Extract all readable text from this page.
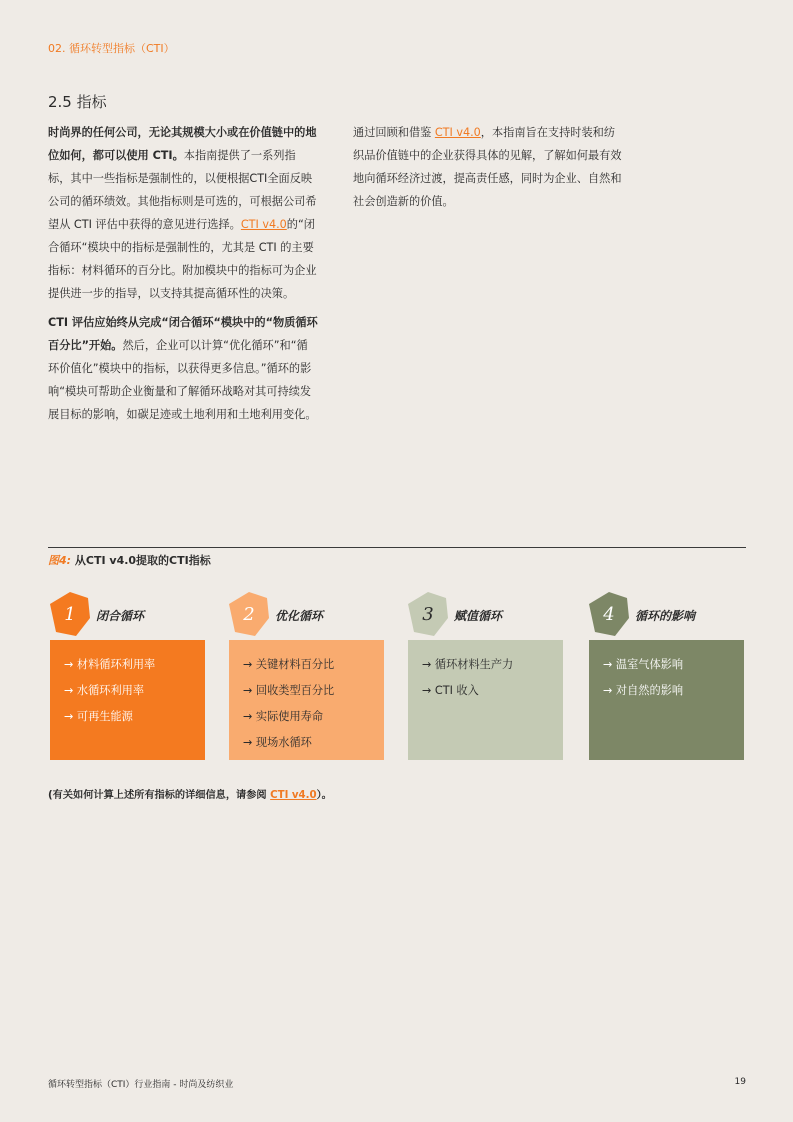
02. 循环转型指标（CTI）
2.5 指标

时尚界的任何公司，无论其规模大小或在价值链中的地位如何，都可以使用 CTI。本指南提供了一系列指标，其中一些指标是强制性的，以便根据CTI全面反映公司的循环绩效。其他指标则是可选的，可根据公司希望从 CTI 评估中获得的意见进行选择。CTI v4.0的“闭合循环“模块中的指标是强制性的，尤其是 CTI 的主要指标：材料循环的百分比。附加模块中的指标可为企业提供进一步的指导，以支持其提高循环性的决策。

CTI 评估应始终从完成“闭合循环“模块中的“物质循环百分比”开始。然后，企业可以计算“优化循环”和“循环价值化”模块中的指标，以获得更多信息。”循环的影响“模块可帮助企业衡量和了解循环战略对其可持续发展目标的影响，如碳足迹或土地利用和土地利用变化。

通过回顾和借鉴 CTI v4.0，本指南旨在支持时装和纺织品价值链中的企业获得具体的见解，了解如何最有效地向循环经济过渡，提高责任感，同时为企业、自然和社会创造新的价值。

图4: 从CTI v4.0提取的CTI指标
1 闭合循环
→ 材料循环利用率
→ 水循环利用率
→ 可再生能源
2 优化循环
→ 关键材料百分比
→ 回收类型百分比
→ 实际使用寿命
→ 现场水循环
3 赋值循环
→ 循环材料生产力
→ CTI 收入
4 循环的影响
→ 温室气体影响
→ 对自然的影响
(有关如何计算上述所有指标的详细信息，请参阅 CTI v4.0）。
循环转型指标（CTI）行业指南 - 时尚及纺织业	19
